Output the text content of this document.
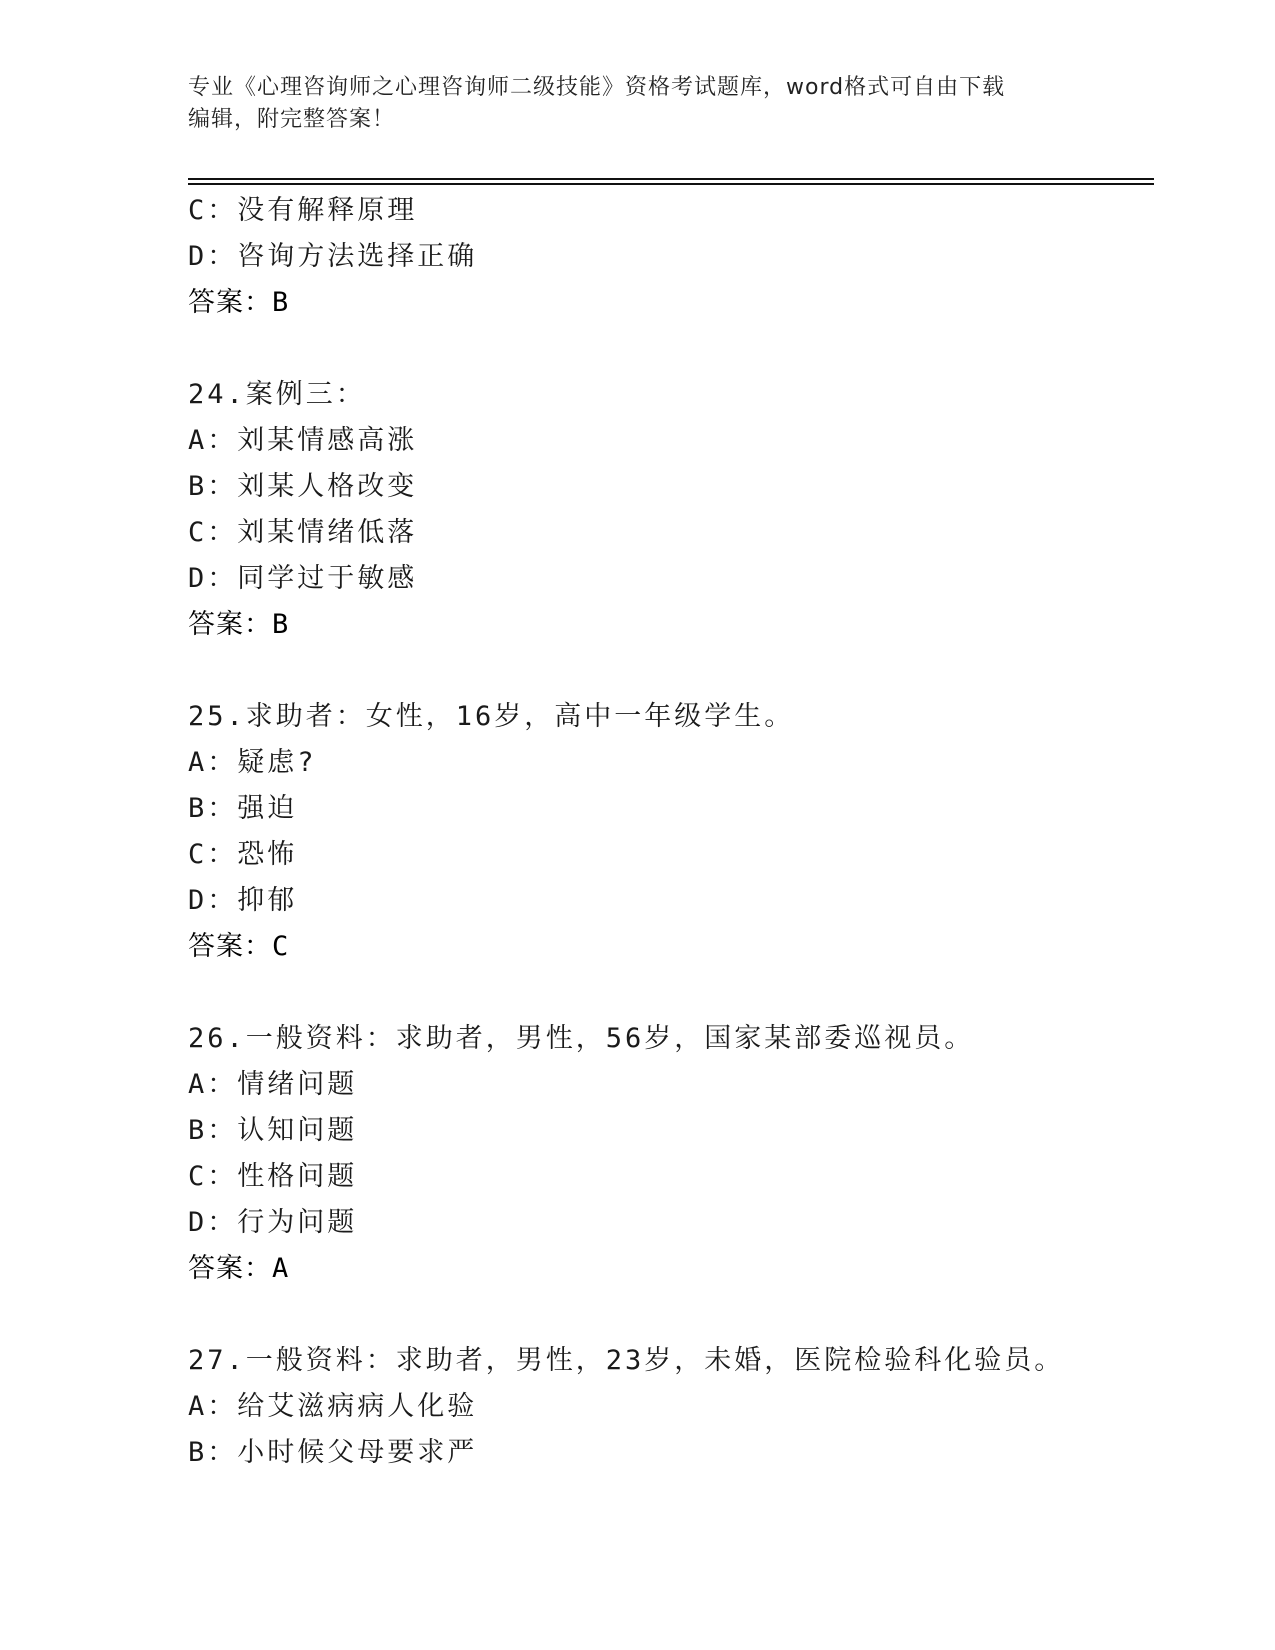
专业《心理咨询师之心理咨询师二级技能》资格考试题库，word格式可自由下载
编辑，附完整答案！
C：没有解释原理
D：咨询方法选择正确
答案：B
24.案例三：
A：刘某情感高涨
B：刘某人格改变
C：刘某情绪低落
D：同学过于敏感
答案：B
25.求助者：女性，16岁，高中一年级学生。
A：疑虑?
B：强迫
C：恐怖
D：抑郁
答案：C
26.一般资料：求助者，男性，56岁，国家某部委巡视员。
A：情绪问题
B：认知问题
C：性格问题
D：行为问题
答案：A
27.一般资料：求助者，男性，23岁，未婚，医院检验科化验员。
A：给艾滋病病人化验
B：小时候父母要求严
